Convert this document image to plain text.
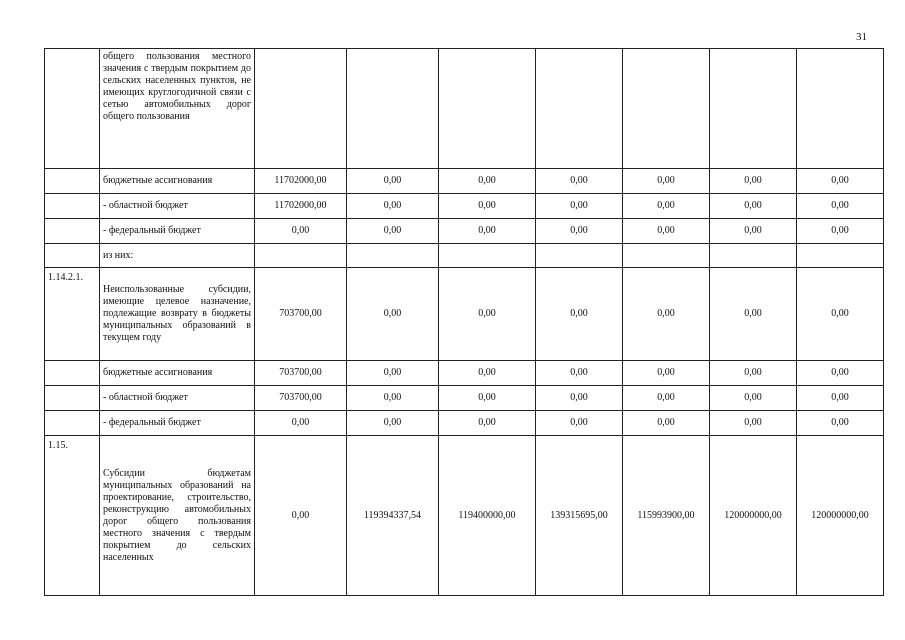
31
	общего пользования местного значения с твердым покрытием до сельских населенных пунктов, не имеющих круглогодичной связи с сетью автомобильных дорог общего пользования							
	бюджетные ассигнования	11702000,00	0,00	0,00	0,00	0,00	0,00	0,00
	- областной бюджет	11702000,00	0,00	0,00	0,00	0,00	0,00	0,00
	- федеральный бюджет	0,00	0,00	0,00	0,00	0,00	0,00	0,00
	из них:							
1.14.2.1.	Неиспользованные субсидии, имеющие целевое назначение, подлежащие возврату в бюджеты муниципальных образований в текущем году	703700,00	0,00	0,00	0,00	0,00	0,00	0,00
	бюджетные ассигнования	703700,00	0,00	0,00	0,00	0,00	0,00	0,00
	- областной бюджет	703700,00	0,00	0,00	0,00	0,00	0,00	0,00
	- федеральный бюджет	0,00	0,00	0,00	0,00	0,00	0,00	0,00
1.15.	Субсидии бюджетам муниципальных образований на проектирование, строительство, реконструкцию автомобильных дорог общего пользования местного значения с твердым покрытием до сельских населенных	0,00	119394337,54	119400000,00	139315695,00	115993900,00	120000000,00	120000000,00
